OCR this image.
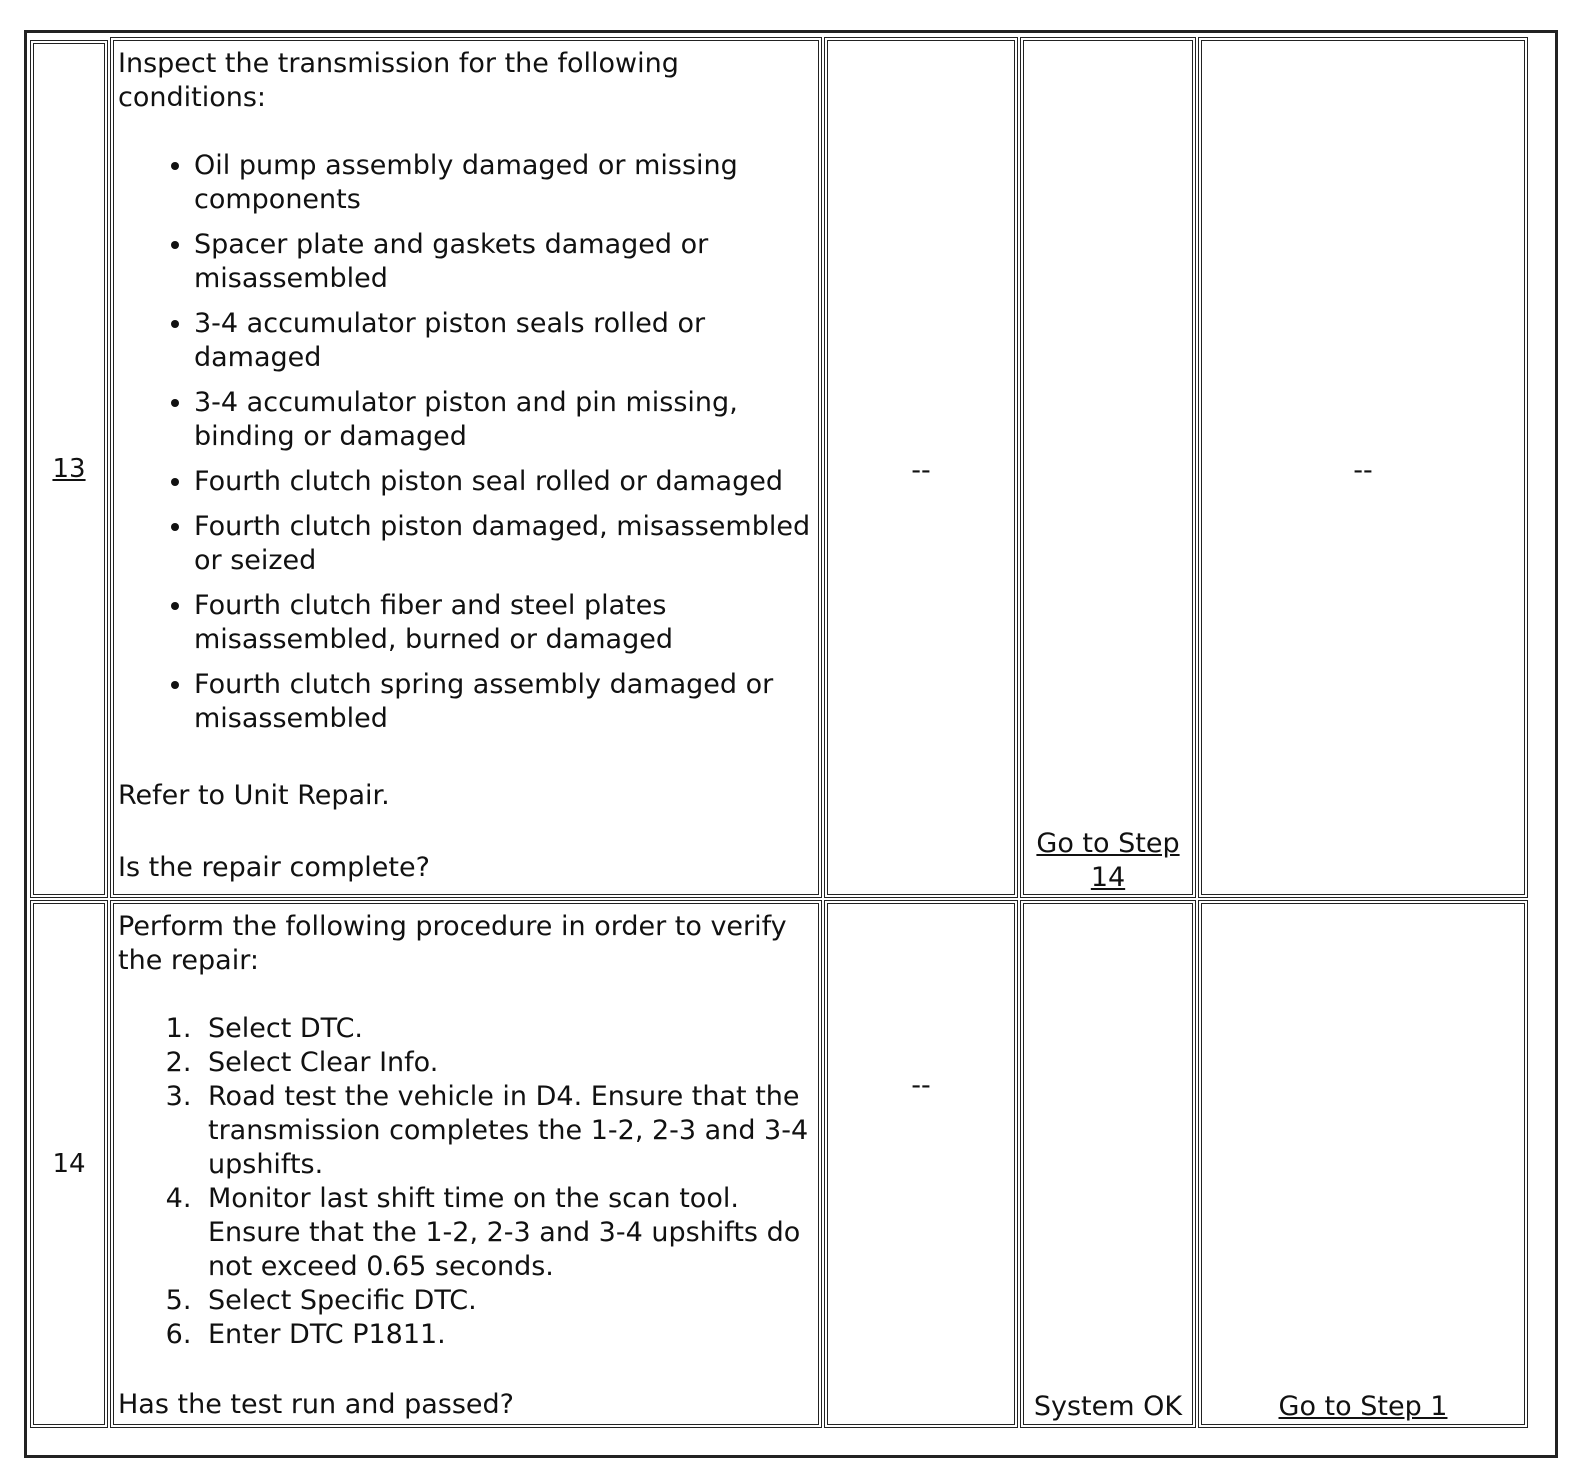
13

Inspect the transmission for the following conditions:

• Oil pump assembly damaged or missing components
• Spacer plate and gaskets damaged or misassembled
• 3-4 accumulator piston seals rolled or damaged
• 3-4 accumulator piston and pin missing, binding or damaged
• Fourth clutch piston seal rolled or damaged
• Fourth clutch piston damaged, misassembled or seized
• Fourth clutch fiber and steel plates misassembled, burned or damaged
• Fourth clutch spring assembly damaged or misassembled

Refer to Unit Repair.

Is the repair complete?

--
Go to Step 14
--
14

Perform the following procedure in order to verify the repair:

1. Select DTC.
2. Select Clear Info.
3. Road test the vehicle in D4. Ensure that the transmission completes the 1-2, 2-3 and 3-4 upshifts.
4. Monitor last shift time on the scan tool. Ensure that the 1-2, 2-3 and 3-4 upshifts do not exceed 0.65 seconds.
5. Select Specific DTC.
6. Enter DTC P1811.

Has the test run and passed?

--
System OK	Go to Step 1
